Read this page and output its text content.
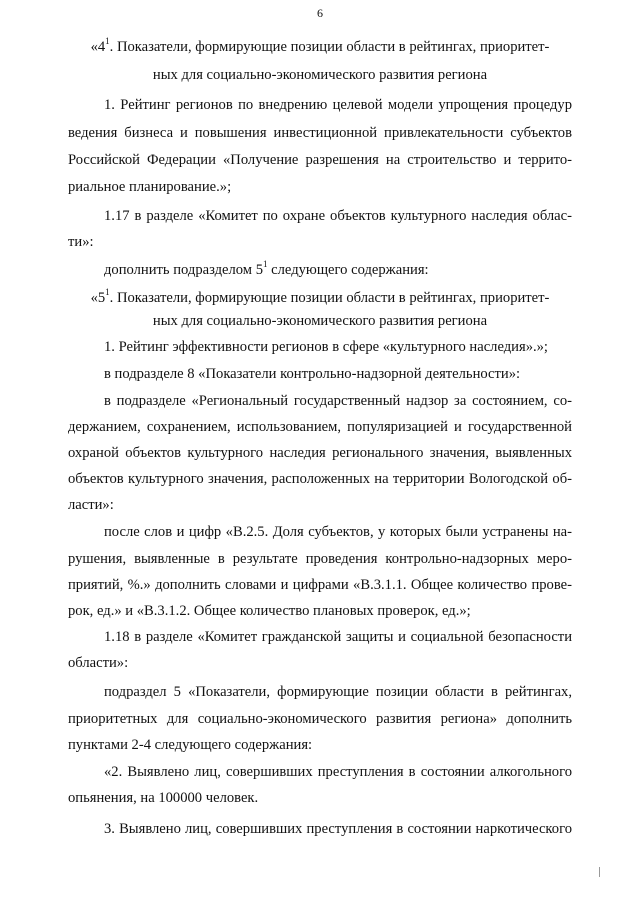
6
«$4^1$. Показатели, формирующие позиции области в рейтингах, приоритет-
ных для социально-экономического развития региона
1. Рейтинг регионов по внедрению целевой модели упрощения процедур
ведения бизнеса и повышения инвестиционной привлекательности субъектов
Российской Федерации «Получение разрешения на строительство и террито-
риальное планирование.»;
1.17 в разделе «Комитет по охране объектов культурного наследия облас-
ти»:
дополнить подразделом $5^1$ следующего содержания:
«$5^1$. Показатели, формирующие позиции области в рейтингах, приоритет-
ных для социально-экономического развития региона
1. Рейтинг эффективности регионов в сфере «культурного наследия».»;
в подразделе 8 «Показатели контрольно-надзорной деятельности»:
в подразделе «Региональный государственный надзор за состоянием, со-
держанием, сохранением, использованием, популяризацией и государственной
охраной объектов культурного наследия регионального значения, выявленных
объектов культурного значения, расположенных на территории Вологодской об-
ласти»:
после слов и цифр «В.2.5. Доля субъектов, у которых были устранены на-
рушения, выявленные в результате проведения контрольно-надзорных меро-
приятий, %.» дополнить словами и цифрами «В.3.1.1. Общее количество прове-
рок, ед.» и «В.3.1.2. Общее количество плановых проверок, ед.»;
1.18 в разделе «Комитет гражданской защиты и социальной безопасности
области»:
подраздел 5 «Показатели, формирующие позиции области в рейтингах,
приоритетных для социально-экономического развития региона» дополнить
пунктами 2-4 следующего содержания:
«2. Выявлено лиц, совершивших преступления в состоянии алкогольного
опьянения, на 100000 человек.
3. Выявлено лиц, совершивших преступления в состоянии наркотического
